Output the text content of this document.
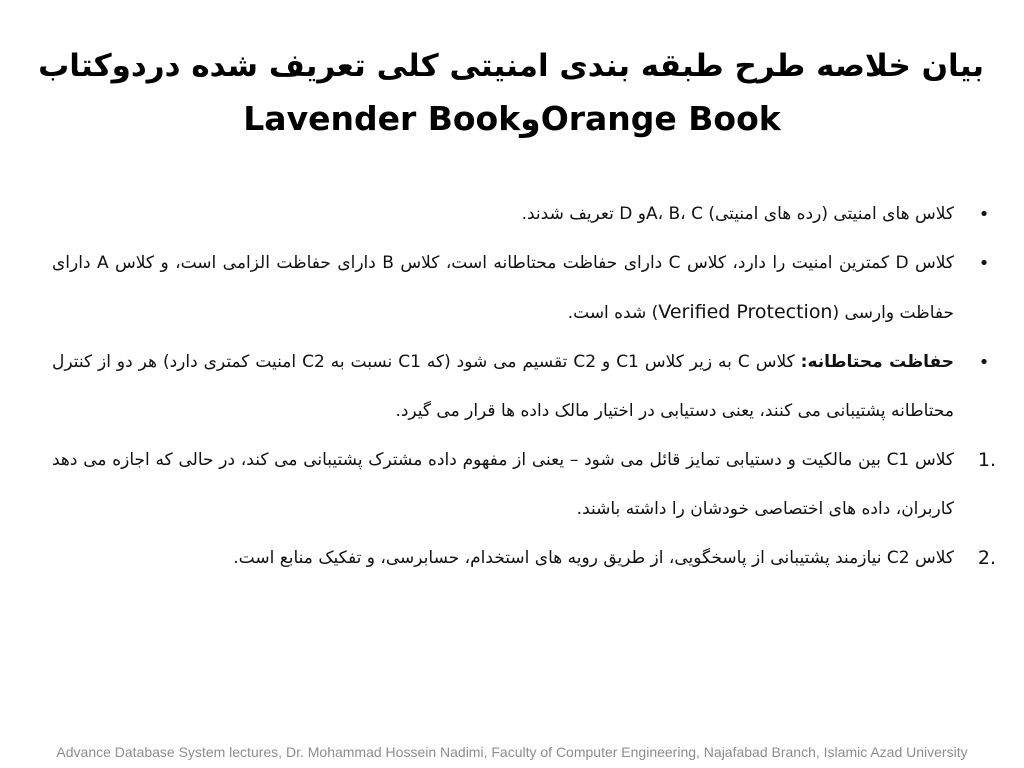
بیان خلاصه طرح طبقه بندی امنیتی کلی تعریف شده دردوکتاب
Orange BookوLavender Book
•
کلاس های امنیتی (رده های امنیتی) A، B، Cو D تعریف شدند.
•
کلاس D کمترین امنیت را دارد، کلاس C دارای حفاظت محتاطانه است، کلاس B دارای حفاظت الزامی است، و کلاس A دارای حفاظت وارسی (Verified Protection) شده است.
•
حفاظت محتاطانه: کلاس C به زیر کلاس C1 و C2 تقسیم می شود (که C1 نسبت به C2 امنیت کمتری دارد) هر دو از کنترل محتاطانه پشتیبانی می کنند، یعنی دستیابی در اختیار مالک داده ها قرار می گیرد.
1.
کلاس C1 بین مالکیت و دستیابی تمایز قائل می شود – یعنی از مفهوم داده مشترک پشتیبانی می کند، در حالی که اجازه می دهد کاربران، داده های اختصاصی خودشان را داشته باشند.
2.
کلاس C2 نیازمند پشتیبانی از پاسخگویی، از طریق رویه های استخدام، حسابرسی، و تفکیک منابع است.
Advance Database System lectures, Dr. Mohammad Hossein Nadimi, Faculty of Computer Engineering, Najafabad Branch, Islamic Azad University
